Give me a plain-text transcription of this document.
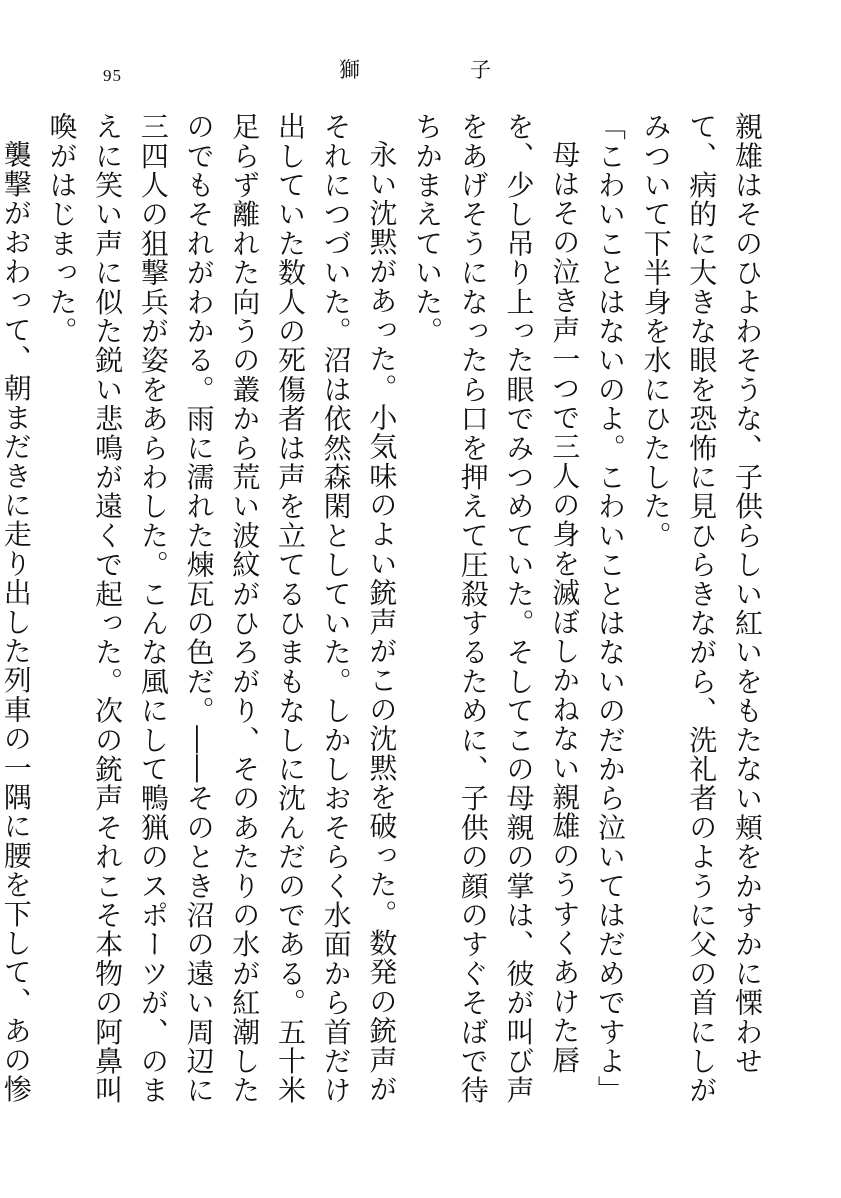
95	獅	子

親雄はそのひよわそうな、子供らしい紅いをもたない頬をかすかに慄わせて、病的に大きな眼を恐怖に見ひらきながら、洗礼者のように父の首にしがみついて下半身を水にひたした。

「こわいことはないのよ。こわいことはないのだから泣いてはだめですよ」

母はその泣き声一つで三人の身を滅ぼしかねない親雄のうすくあけた唇を、少し吊り上った眼でみつめていた。そしてこの母親の掌は、彼が叫び声をあげそうになったら口を押えて圧殺するために、子供の顔のすぐそばで待ちかまえていた。

永い沈黙があった。小気味のよい銃声がこの沈黙を破った。数発の銃声がそれにつづいた。沼は依然森閑としていた。しかしおそらく水面から首だけ出していた数人の死傷者は声を立てるひまもなしに沈んだのである。五十米足らず離れた向うの叢から荒い波紋がひろがり、そのあたりの水が紅潮したのでもそれがわかる。雨に濡れた煉瓦の色だ。――そのとき沼の遠い周辺に三四人の狙撃兵が姿をあらわした。こんな風にして鴨猟のスポーツが、のまえに笑い声に似た鋭い悲鳴が遠くで起った。次の銃声それこそ本物の阿鼻叫喚がはじまった。

襲撃がおわって、朝まだきに走り出した列車の一隅に腰を下して、あの惨
